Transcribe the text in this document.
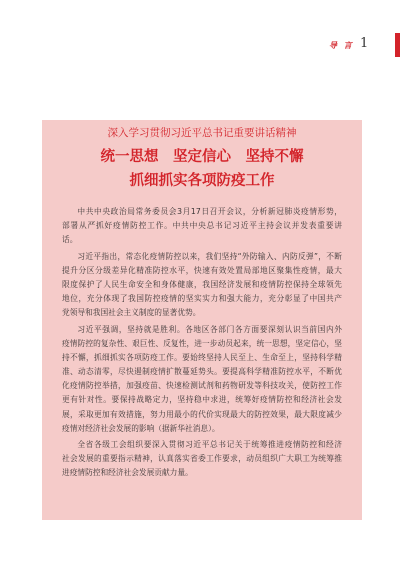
导 言 1
深入学习贯彻习近平总书记重要讲话精神
统一思想　坚定信心　坚持不懈
抓细抓实各项防疫工作
中共中央政治局常务委员会3月17日召开会议，分析新冠肺炎疫情形势，
部署从严抓好疫情防控工作。中共中央总书记习近平主持会议并发表重要讲
话。
习近平指出，常态化疫情防控以来，我们坚持“外防输入、内防反弹”，不断
提升分区分级差异化精准防控水平，快速有效处置局部地区聚集性疫情，最大
限度保护了人民生命安全和身体健康，我国经济发展和疫情防控保持全球领先
地位，充分体现了我国防控疫情的坚实实力和强大能力，充分彰显了中国共产
党领导和我国社会主义制度的显著优势。
习近平强调，坚持就是胜利。各地区各部门各方面要深刻认识当前国内外
疫情防控的复杂性、艰巨性、反复性，进一步动员起来，统一思想，坚定信心，坚
持不懈，抓细抓实各项防疫工作。要始终坚持人民至上、生命至上，坚持科学精
准、动态清零，尽快遏制疫情扩散蔓延势头。要提高科学精准防控水平，不断优
化疫情防控举措，加强疫苗、快速检测试剂和药物研发等科技攻关，使防控工作
更有针对性。要保持战略定力，坚持稳中求进，统筹好疫情防控和经济社会发
展，采取更加有效措施，努力用最小的代价实现最大的防控效果，最大限度减少
疫情对经济社会发展的影响（据新华社消息）。
全省各级工会组织要深入贯彻习近平总书记关于统筹推进疫情防控和经济
社会发展的重要指示精神，认真落实省委工作要求，动员组织广大职工为统筹推
进疫情防控和经济社会发展贡献力量。
